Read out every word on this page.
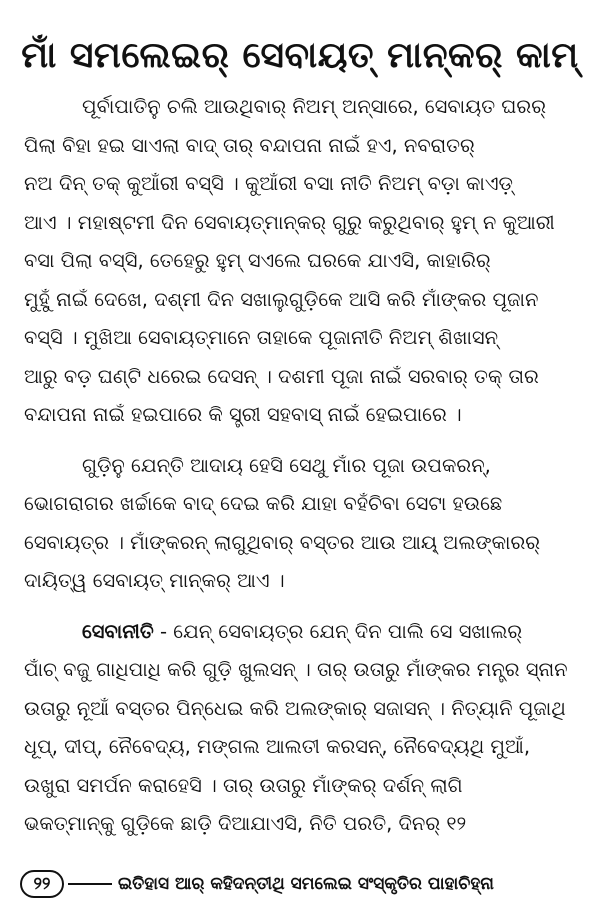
ମାଁ ସମଲେଇର୍ ସେବାୟତ୍ ମାନ୍କର୍ କାମ୍

ପୂର୍ବାପାତିନୁ ଚଲି ଆଉଥିବାର୍ ନିଅମ୍ ଅନ୍‌ସାରେ, ସେବାୟତ ଘରର୍
ପିଲା ବିହା ହଇ ସାଏଲା ବାଦ୍ ତାର୍ ବନ୍ଦାପନା ନାଇଁ ହଏ, ନବରାତର୍
ନଅ ଦିନ୍ ତକ୍ କୁଆଁରୀ ବସ୍‌ସି । କୁଆଁରୀ ବସା ନୀତି ନିଅମ୍ ବଡ଼ା କାଏଡ଼୍
ଆଏ । ମହାଷ୍ଟମୀ ଦିନ ସେବାୟତ୍‌ମାନ୍‌କର୍ ଗୁରୁ କରୁଥିବାର୍ ହୁମ୍ ନ କୁଆରୀ
ବସା ପିଲା ବସ୍‌ସି, ତେହେରୁ ହୁମ୍ ସଏଲେ ଘରକେ ଯାଏସି, କାହାରିର୍
ମୁହୁଁ ନାଇଁ ଦେଖେ, ଦଶ୍‌ମୀ ଦିନ ସଖାଲୁଗୁଡ଼ିକେ ଆସି କରି ମାଁଙ୍କର ପୂଜାନ
ବସ୍‌ସି । ମୁଖିଆ ସେବାୟତ୍‌ମାନେ ତାହାକେ ପୂଜାନୀତି ନିଅମ୍ ଶିଖାସନ୍
ଆରୁ ବଡ଼ ଘଣ୍ଟି ଧରେଇ ଦେସନ୍ । ଦଶମୀ ପୂଜା ନାଇଁ ସରବାର୍ ତକ୍ ତାର
ବନ୍ଦାପନା ନାଇଁ ହଇପାରେ କି ସ୍ତ୍ରୀ ସହବାସ୍ ନାଇଁ ହେଇପାରେ ।

ଗୁଡ଼ିନୁ ଯେନ୍ତି ଆଦାୟ ହେସି ସେଥୁ ମାଁର ପୂଜା ଉପକରନ୍,
ଭୋଗରାଗର ଖର୍ଚ୍ଚାକେ ବାଦ୍ ଦେଇ କରି ଯାହା ବହଁଚିବା ସେଟା ହଉଛେ
ସେବାୟତ୍‌ର । ମାଁଙ୍କରନ୍ ଲାଗୁଥିବାର୍ ବସ୍ତର ଆଉ ଆୟ୍ ଅଲଙ୍କାରର୍
ଦାୟିତ୍ୱ ସେବାୟତ୍ ମାନ୍‌କର୍ ଆଏ ।

ସେବାନୀତି - ଯେନ୍ ସେବାୟତ୍‌ର ଯେନ୍ ଦିନ ପାଲି ସେ ସଖାଲର୍
ପାଁଚ୍ ବଜୁ ଗାଧିପାଧି କରି ଗୁଡ଼ି ଖୁଲସନ୍ । ତାର୍ ଉତାରୁ ମାଁଙ୍କର ମନ୍ତ୍ର ସ୍ନାନ
ଉତାରୁ ନୂଆଁ ବସ୍ତର ପିନ୍ଧେଇ କରି ଅଲଙ୍କାର୍ ସଜାସନ୍ । ନିତ୍ୟାନି ପୂଜାଥି
ଧୂପ୍, ଦୀପ୍, ନୈବେଦ୍ୟ, ମଙ୍ଗଲ ଆଲତୀ କରସନ୍, ନୈବେଦ୍ୟଥି ମୁଆଁ,
ଉଖୁରା ସମର୍ପନ କରାହେସି । ତାର୍ ଉତାରୁ ମାଁଙ୍କର୍ ଦର୍ଶନ୍ ଲାଗି
ଭକତ୍‌ମାନ୍‌କୁ ଗୁଡ଼ିକେ ଛାଡ଼ି ଦିଆଯାଏସି, ନିତି ପରତି, ଦିନର୍ ୧୨

୨୨	ଇତିହାସ ଆର୍ କହିଦନ୍ତୀଥି ସମଲେଇ ସଂସ୍କୃତିର ପାହାଚିହ୍ନା
